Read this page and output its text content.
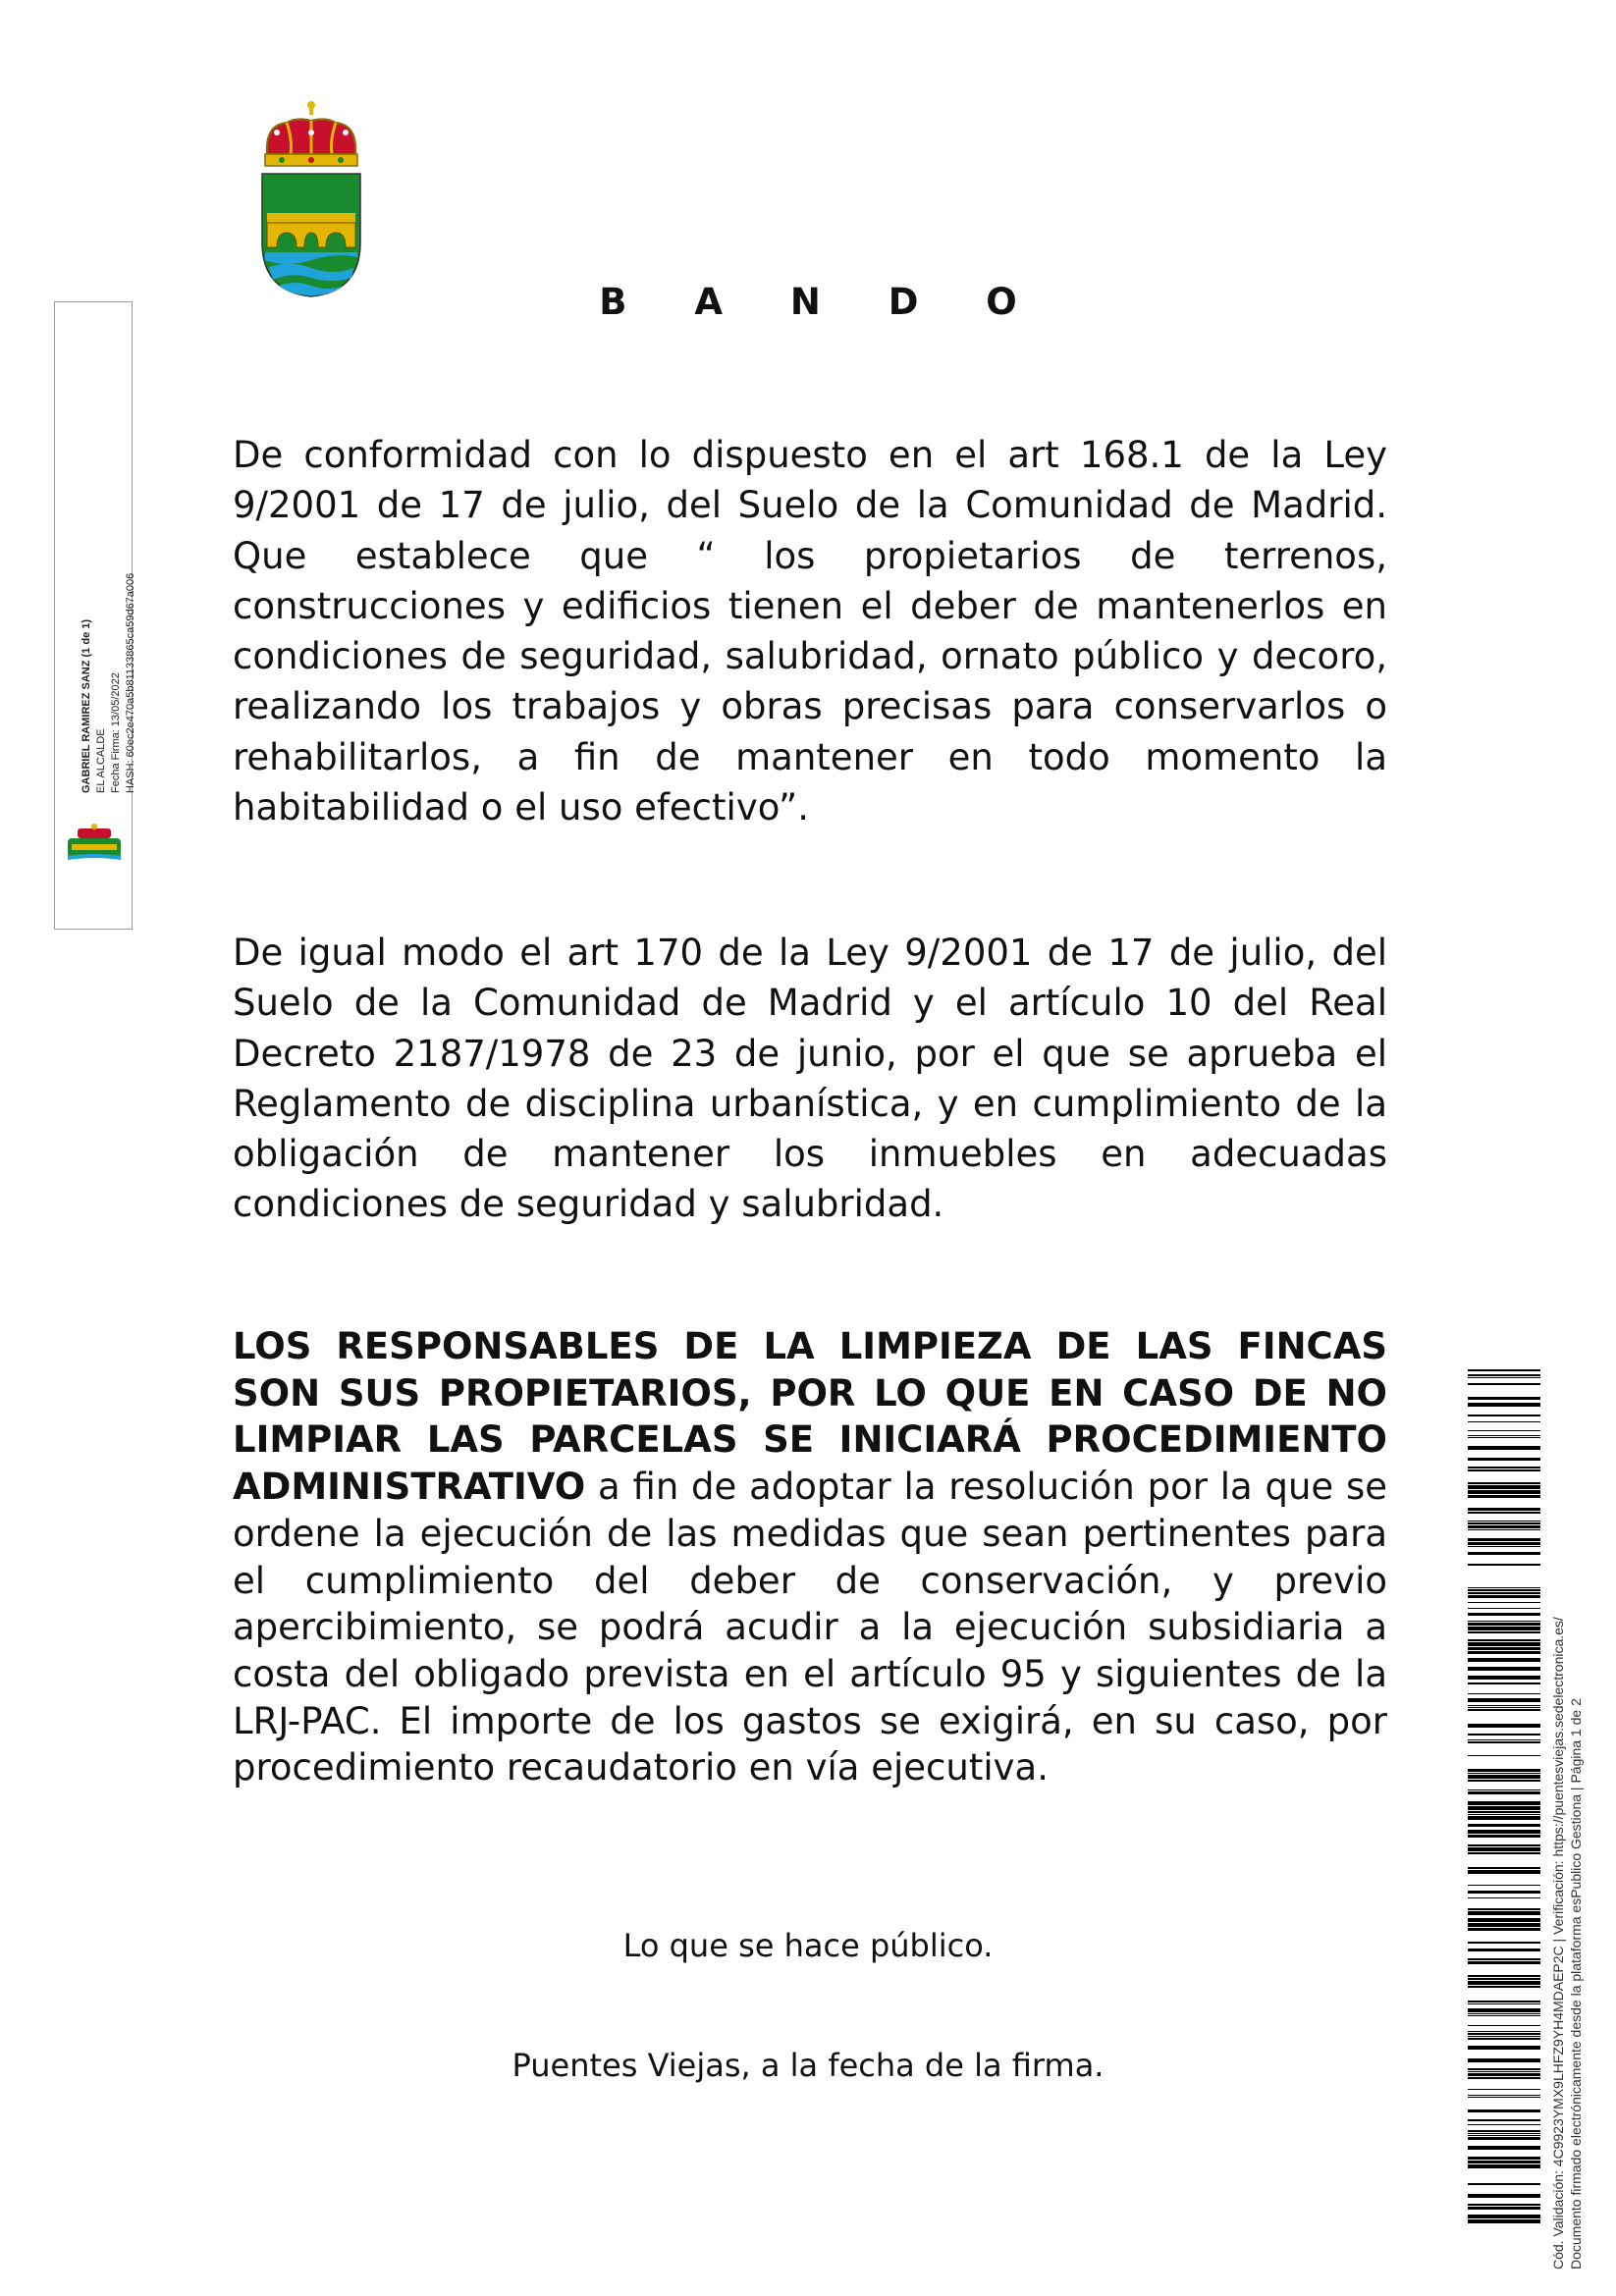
B A N D O

De conformidad con lo dispuesto en el art 168.1 de la Ley 9/2001 de 17 de julio, del Suelo de la Comunidad de Madrid. Que establece que “ los propietarios de terrenos, construcciones y edificios tienen el deber de mantenerlos en condiciones de seguridad, salubridad, ornato público y decoro, realizando los trabajos y obras precisas para conservarlos o rehabilitarlos, a fin de mantener en todo momento la habitabilidad o el uso efectivo”.

De igual modo el art 170 de la Ley 9/2001 de 17 de julio, del Suelo de la Comunidad de Madrid y el artículo 10 del Real Decreto 2187/1978 de 23 de junio, por el que se aprueba el Reglamento de disciplina urbanística, y en cumplimiento de la obligación de mantener los inmuebles en adecuadas condiciones de seguridad y salubridad.

LOS RESPONSABLES DE LA LIMPIEZA DE LAS FINCAS SON SUS PROPIETARIOS, POR LO QUE EN CASO DE NO LIMPIAR LAS PARCELAS SE INICIARÁ PROCEDIMIENTO ADMINISTRATIVO a fin de adoptar la resolución por la que se ordene la ejecución de las medidas que sean pertinentes para el cumplimiento del deber de conservación, y previo apercibimiento, se podrá acudir a la ejecución subsidiaria a costa del obligado prevista en el artículo 95 y siguientes de la LRJ-PAC. El importe de los gastos se exigirá, en su caso, por procedimiento recaudatorio en vía ejecutiva.

Lo que se hace público.

Puentes Viejas, a la fecha de la firma.

GABRIEL RAMIREZ SANZ (1 de 1) EL ALCALDE Fecha Firma: 13/05/2022 HASH: 60ec2e470a5b81133865ca59d67a006
Cód. Validación: 4C9923YMX9LHFZ9YH4MDAEP2C | Verificación: https://puentesviejas.sedelectronica.es/ Documento firmado electrónicamente desde la plataforma esPublico Gestiona | Página 1 de 2
